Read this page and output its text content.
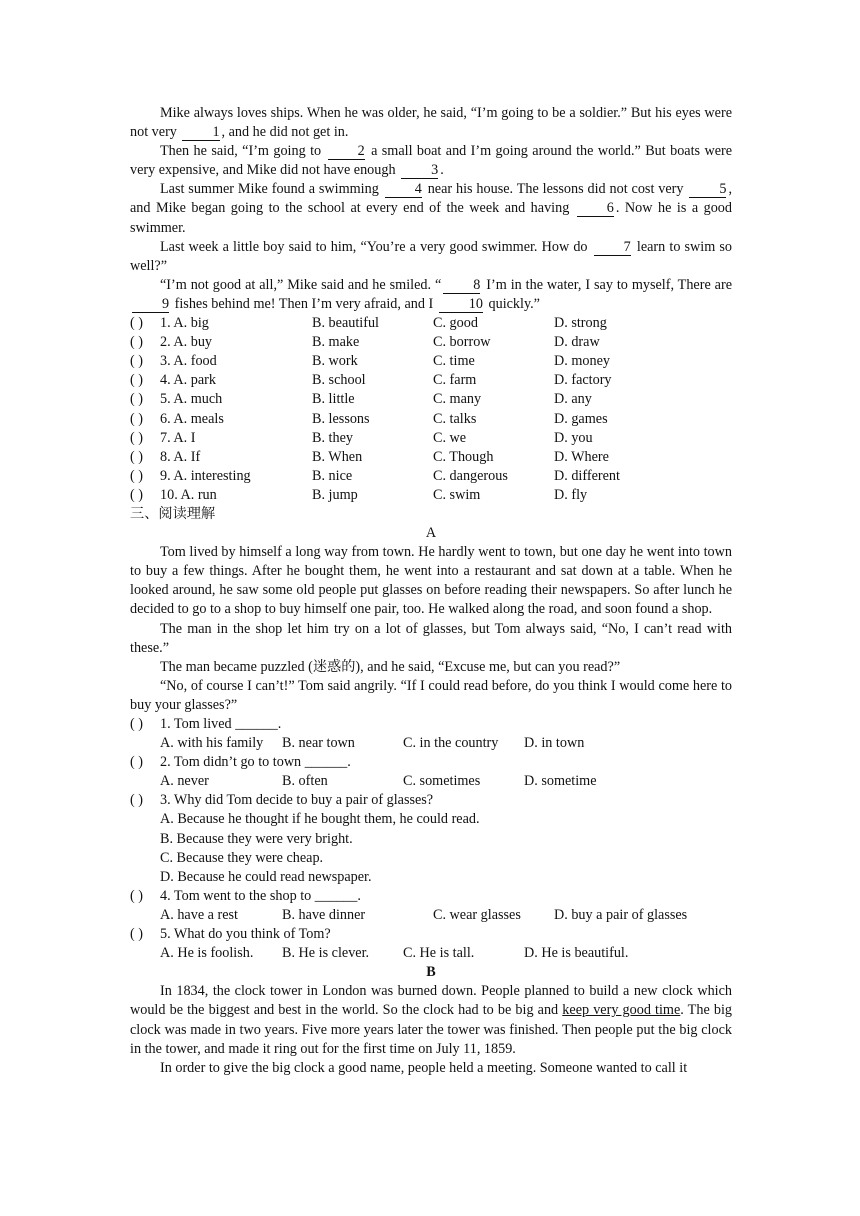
Mike always loves ships. When he was older, he said, “I’m going to be a soldier.” But his eyes were not very	1 , and he did not get in.

Then he said, “I’m going to	2 a small boat and I’m going around the world.” But boats were very expensive, and Mike did not have enough	3 .

Last summer Mike found a swimming	4 near his house. The lessons did not cost very	5 , and Mike began going to the school at every end of the week and having	6 . Now he is a good swimmer.

Last week a little boy said to him, “You’re a very good swimmer. How do	7 learn to swim so well?”

“I’m not good at all,” Mike said and he smiled. “ 8 I’m in the water, I say to myself, There are 9 fishes behind me! Then I’m very afraid, and I	10 quickly.”

( )	1. A. big	B. beautiful	C. good	D. strong
( )	2. A. buy	B. make	C. borrow	D. draw
( )	3. A. food	B. work	C. time	D. money
( )	4. A. park	B. school	C. farm	D. factory
( )	5. A. much	B. little	C. many	D. any
( )	6. A. meals	B. lessons	C. talks	D. games
( )	7. A. I	B. they	C. we	D. you
( )	8. A. If	B. When	C. Though	D. Where
( )	9. A. interesting	B. nice	C. dangerous	D. different
( )	10. A. run	B. jump	C. swim	D. fly
三、阅读理解
A

Tom lived by himself a long way from town. He hardly went to town, but one day he went into town to buy a few things. After he bought them, he went into a restaurant and sat down at a table. When he looked around, he saw some old people put glasses on before reading their newspapers. So after lunch he decided to go to a shop to buy himself one pair, too. He walked along the road, and soon found a shop.

The man in the shop let him try on a lot of glasses, but Tom always said, “No, I can’t read with these.”

The man became puzzled (迷惑的), and he said, “Excuse me, but can you read?”

“No, of course I can’t!” Tom said angrily. “If I could read before, do you think I would come here to buy your glasses?”

( ) 1. Tom lived ______.
A. with his family	B. near town	C. in the country	D. in town
( ) 2. Tom didn’t go to town ______.
A. never	B. often	C. sometimes	D. sometime
( ) 3. Why did Tom decide to buy a pair of glasses?
A. Because he thought if he bought them, he could read.
B. Because they were very bright.
C. Because they were cheap.
D. Because he could read newspaper.
( ) 4. Tom went to the shop to ______.
A. have a rest	B. have dinner	C. wear glasses	D. buy a pair of glasses
( ) 5. What do you think of Tom?
A. He is foolish.	B. He is clever.	C. He is tall.	D. He is beautiful.
B

In 1834, the clock tower in London was burned down. People planned to build a new clock which would be the biggest and best in the world. So the clock had to be big and keep very good time. The big clock was made in two years. Five more years later the tower was finished. Then people put the big clock in the tower, and made it ring out for the first time on July 11, 1859.

In order to give the big clock a good name, people held a meeting. Someone wanted to call it
